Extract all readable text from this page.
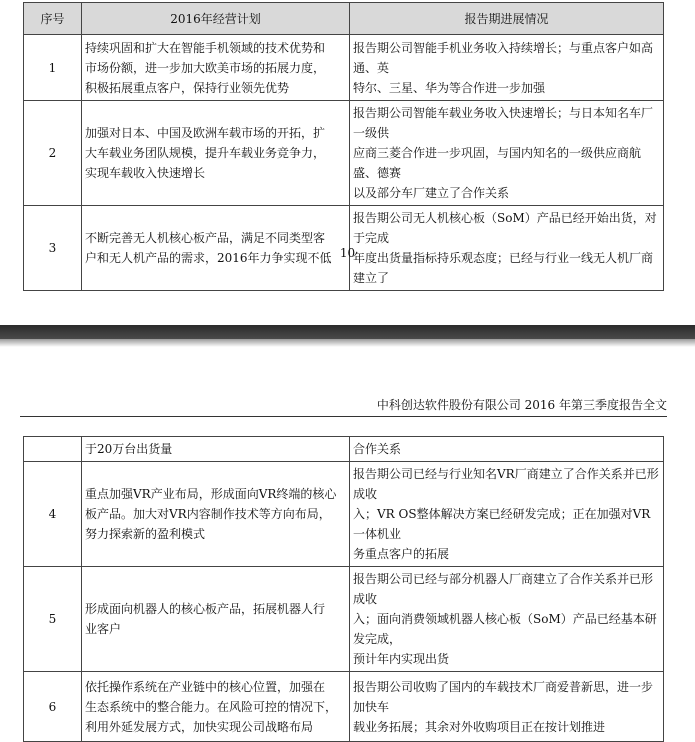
序号	2016年经营计划	报告期进展情况
1	持续巩固和扩大在智能手机领域的技术优势和
市场份额，进一步加大欧美市场的拓展力度，
积极拓展重点客户，保持行业领先优势	报告期公司智能手机业务收入持续增长；与重点客户如高通、英
特尔、三星、华为等合作进一步加强

2	加强对日本、中国及欧洲车载市场的开拓，扩
大车载业务团队规模，提升车载业务竞争力，
实现车载收入快速增长	报告期公司智能车载业务收入快速增长；与日本知名车厂一级供
应商三菱合作进一步巩固，与国内知名的一级供应商航盛、德赛
以及部分车厂建立了合作关系

3	不断完善无人机核心板产品，满足不同类型客
户和无人机产品的需求，2016年力争实现不低	报告期公司无人机核心板（SoM）产品已经开始出货，对于完成
年度出货量指标持乐观态度；已经与行业一线无人机厂商建立了
10
中科创达软件股份有限公司 2016 年第三季度报告全文
	于20万台出货量	合作关系
4	重点加强VR产业布局，形成面向VR终端的核心
板产品。加大对VR内容制作技术等方向布局，
努力探索新的盈利模式	报告期公司已经与行业知名VR厂商建立了合作关系并已形成收
入；VR OS整体解决方案已经研发完成；正在加强对VR一体机业
务重点客户的拓展

5	形成面向机器人的核心板产品，拓展机器人行
业客户	报告期公司已经与部分机器人厂商建立了合作关系并已形成收
入；面向消费领域机器人核心板（SoM）产品已经基本研发完成，
预计年内实现出货

6	依托操作系统在产业链中的核心位置，加强在
生态系统中的整合能力。在风险可控的情况下，
利用外延发展方式，加快实现公司战略布局	报告期公司收购了国内的车载技术厂商爱普新思，进一步加快车
载业务拓展；其余对外收购项目正在按计划推进
